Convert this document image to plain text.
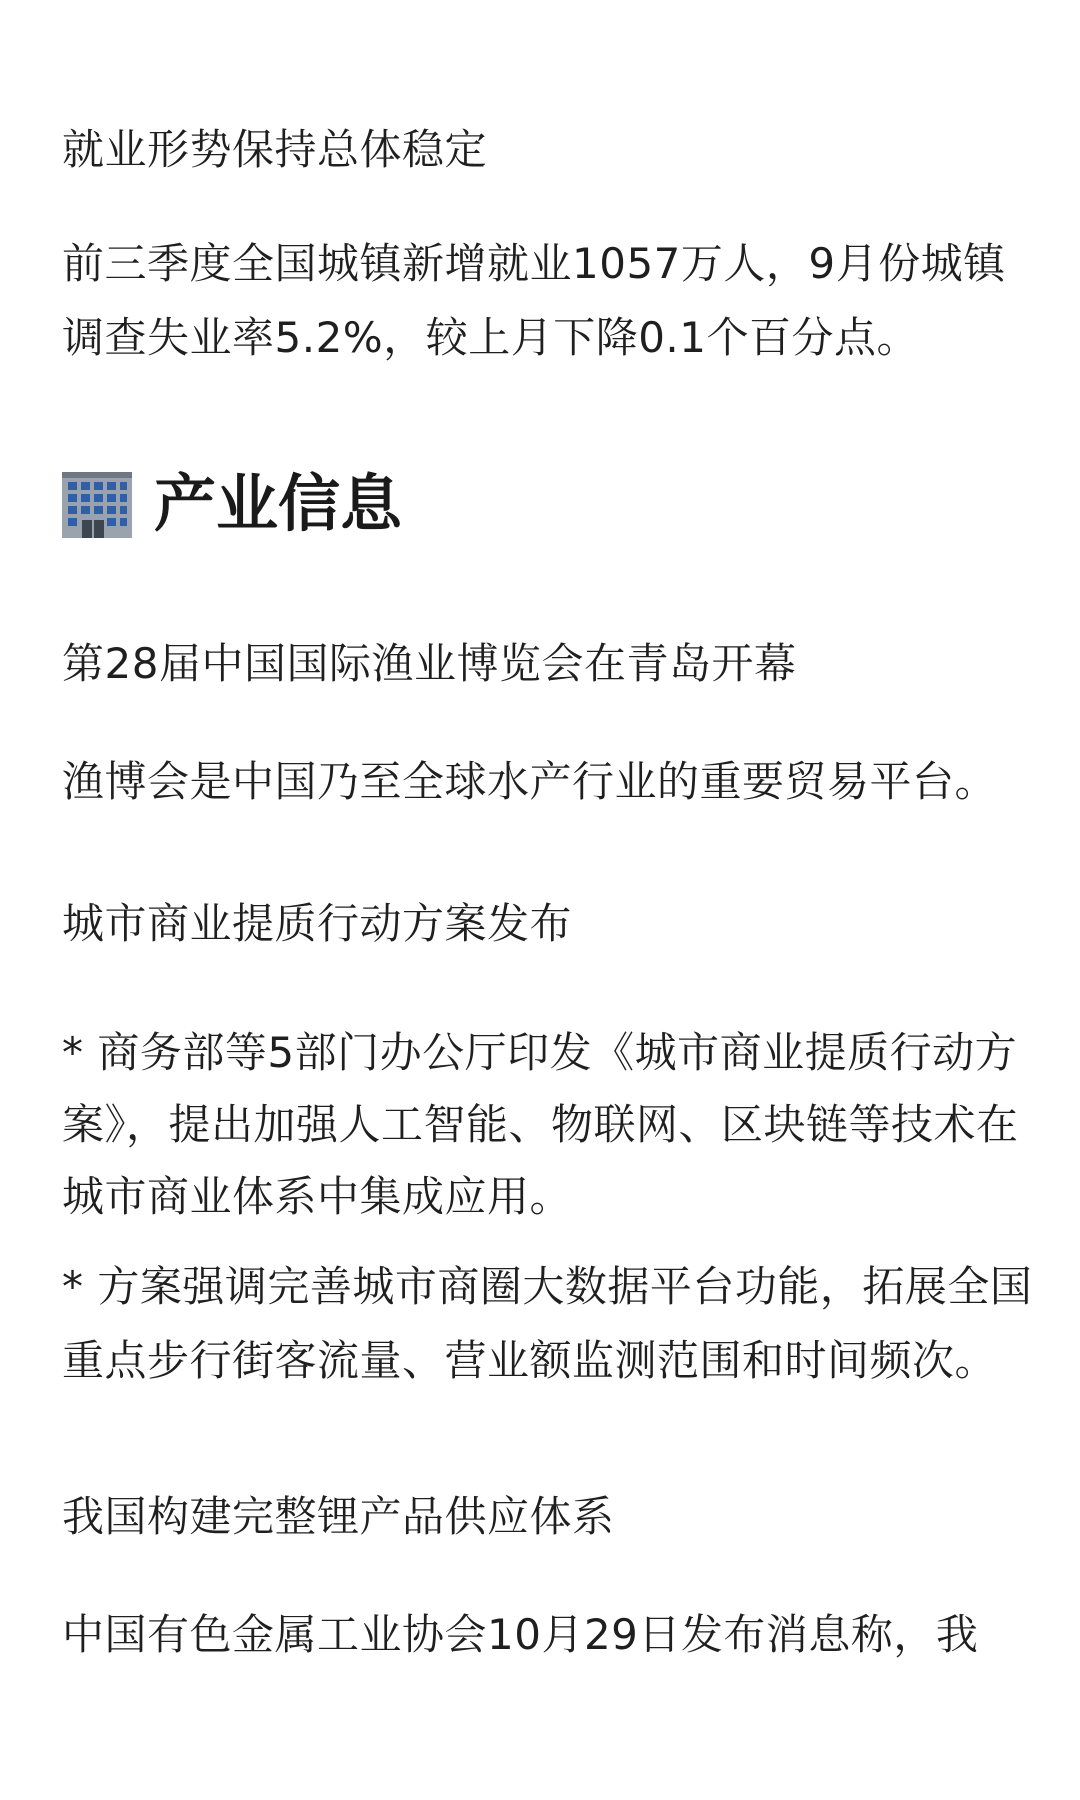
就业形势保持总体稳定
前三季度全国城镇新增就业1057万人，9月份城镇
调查失业率5.2%，较上月下降0.1个百分点。
产业信息
第28届中国国际渔业博览会在青岛开幕
渔博会是中国乃至全球水产行业的重要贸易平台。
城市商业提质行动方案发布
* 商务部等5部门办公厅印发《城市商业提质行动方
案》，提出加强人工智能、物联网、区块链等技术在
城市商业体系中集成应用。
* 方案强调完善城市商圈大数据平台功能，拓展全国
重点步行街客流量、营业额监测范围和时间频次。
我国构建完整锂产品供应体系
中国有色金属工业协会10月29日发布消息称，我
